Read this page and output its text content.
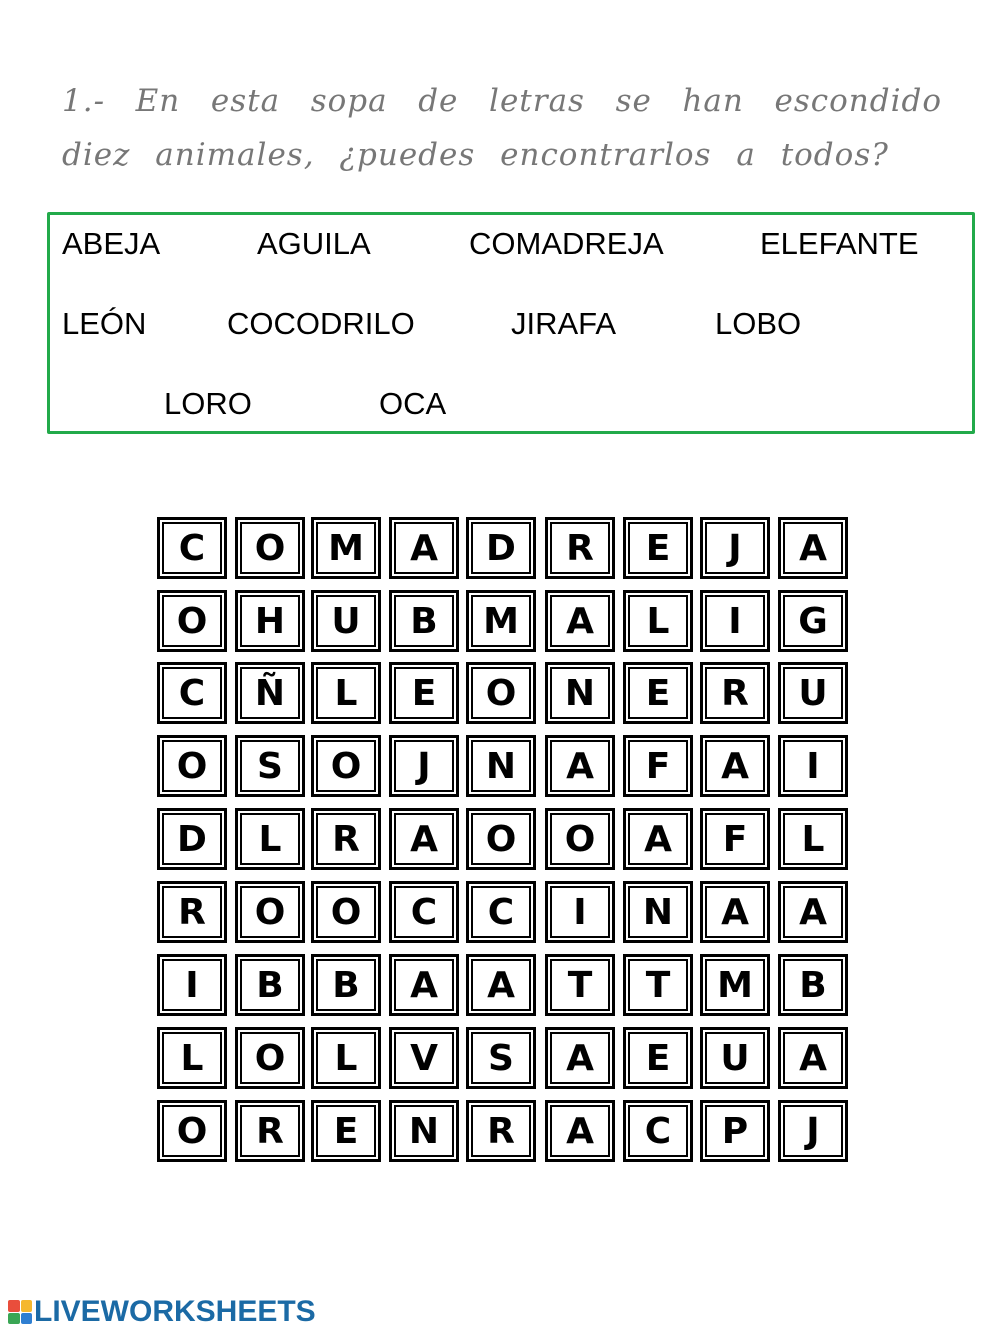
1.- En esta sopa de letras se han escondido diez animales, ¿puedes encontrarlos a todos?
ABEJA	AGUILA	COMADREJA	ELEFANTE
LEÓN	COCODRILO	JIRAFA	LOBO
LORO	OCA
C	O	M	A	D	R	E	J	A
O	H	U	B	M	A	L	I	G
C	Ñ	L	E	O	N	E	R	U
O	S	O	J	N	A	F	A	I
D	L	R	A	O	O	A	F	L
R	O	O	C	C	I	N	A	A
I	B	B	A	A	T	T	M	B
L	O	L	V	S	A	E	U	A
O	R	E	N	R	A	C	P	J
LIVEWORKSHEETS
